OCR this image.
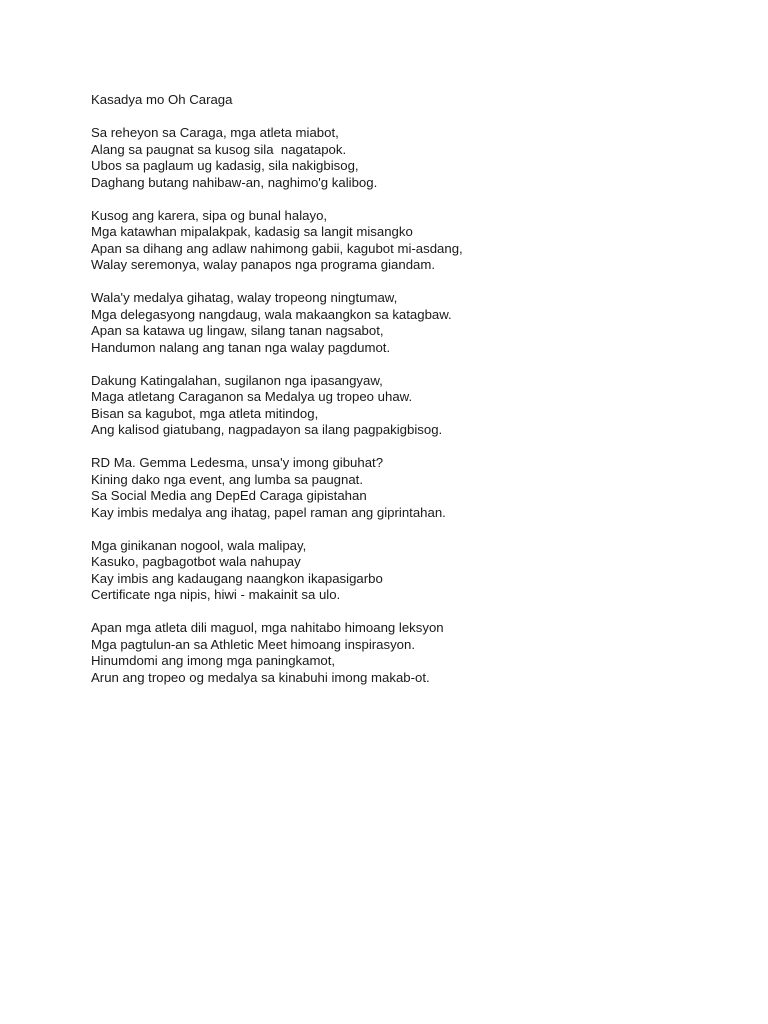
Kasadya mo Oh Caraga
Sa reheyon sa Caraga, mga atleta miabot,
Alang sa paugnat sa kusog sila  nagatapok.
Ubos sa paglaum ug kadasig, sila nakigbisog,
Daghang butang nahibaw-an, naghimo'g kalibog.
Kusog ang karera, sipa og bunal halayo,
Mga katawhan mipalakpak, kadasig sa langit misangko
Apan sa dihang ang adlaw nahimong gabii, kagubot mi-asdang,
Walay seremonya, walay panapos nga programa giandam.
Wala'y medalya gihatag, walay tropeong ningtumaw,
Mga delegasyong nangdaug, wala makaangkon sa katagbaw.
Apan sa katawa ug lingaw, silang tanan nagsabot,
Handumon nalang ang tanan nga walay pagdumot.
Dakung Katingalahan, sugilanon nga ipasangyaw,
Maga atletang Caraganon sa Medalya ug tropeo uhaw.
Bisan sa kagubot, mga atleta mitindog,
Ang kalisod giatubang, nagpadayon sa ilang pagpakigbisog.
RD Ma. Gemma Ledesma, unsa'y imong gibuhat?
Kining dako nga event, ang lumba sa paugnat.
Sa Social Media ang DepEd Caraga gipistahan
Kay imbis medalya ang ihatag, papel raman ang giprintahan.
Mga ginikanan nogool, wala malipay,
Kasuko, pagbagotbot wala nahupay
Kay imbis ang kadaugang naangkon ikapasigarbo
Certificate nga nipis, hiwi - makainit sa ulo.
Apan mga atleta dili maguol, mga nahitabo himoang leksyon
Mga pagtulun-an sa Athletic Meet himoang inspirasyon.
Hinumdomi ang imong mga paningkamot,
Arun ang tropeo og medalya sa kinabuhi imong makab-ot.
